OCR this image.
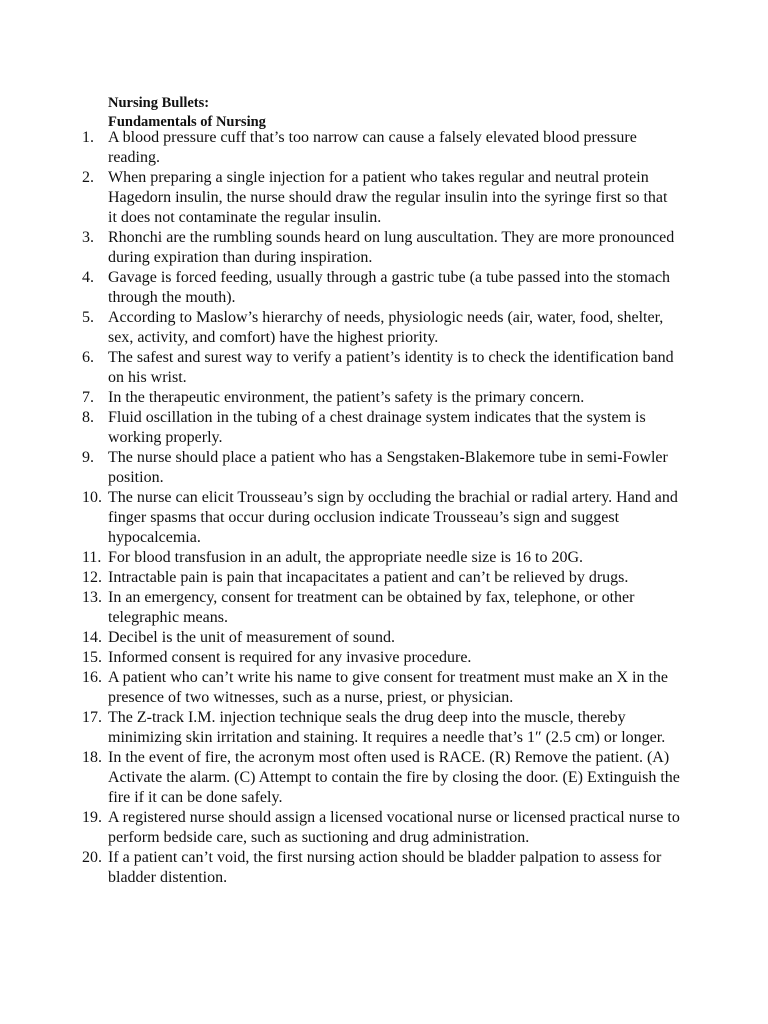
Nursing Bullets:
Fundamentals of Nursing
1. A blood pressure cuff that’s too narrow can cause a falsely elevated blood pressure reading.
2. When preparing a single injection for a patient who takes regular and neutral protein Hagedorn insulin, the nurse should draw the regular insulin into the syringe first so that it does not contaminate the regular insulin.
3. Rhonchi are the rumbling sounds heard on lung auscultation. They are more pronounced during expiration than during inspiration.
4. Gavage is forced feeding, usually through a gastric tube (a tube passed into the stomach through the mouth).
5. According to Maslow’s hierarchy of needs, physiologic needs (air, water, food, shelter, sex, activity, and comfort) have the highest priority.
6. The safest and surest way to verify a patient’s identity is to check the identification band on his wrist.
7. In the therapeutic environment, the patient’s safety is the primary concern.
8. Fluid oscillation in the tubing of a chest drainage system indicates that the system is working properly.
9. The nurse should place a patient who has a Sengstaken-Blakemore tube in semi-Fowler position.
10. The nurse can elicit Trousseau’s sign by occluding the brachial or radial artery. Hand and finger spasms that occur during occlusion indicate Trousseau’s sign and suggest hypocalcemia.
11. For blood transfusion in an adult, the appropriate needle size is 16 to 20G.
12. Intractable pain is pain that incapacitates a patient and can’t be relieved by drugs.
13. In an emergency, consent for treatment can be obtained by fax, telephone, or other telegraphic means.
14. Decibel is the unit of measurement of sound.
15. Informed consent is required for any invasive procedure.
16. A patient who can’t write his name to give consent for treatment must make an X in the presence of two witnesses, such as a nurse, priest, or physician.
17. The Z-track I.M. injection technique seals the drug deep into the muscle, thereby minimizing skin irritation and staining. It requires a needle that’s 1″ (2.5 cm) or longer.
18. In the event of fire, the acronym most often used is RACE. (R) Remove the patient. (A) Activate the alarm. (C) Attempt to contain the fire by closing the door. (E) Extinguish the fire if it can be done safely.
19. A registered nurse should assign a licensed vocational nurse or licensed practical nurse to perform bedside care, such as suctioning and drug administration.
20. If a patient can’t void, the first nursing action should be bladder palpation to assess for bladder distention.
